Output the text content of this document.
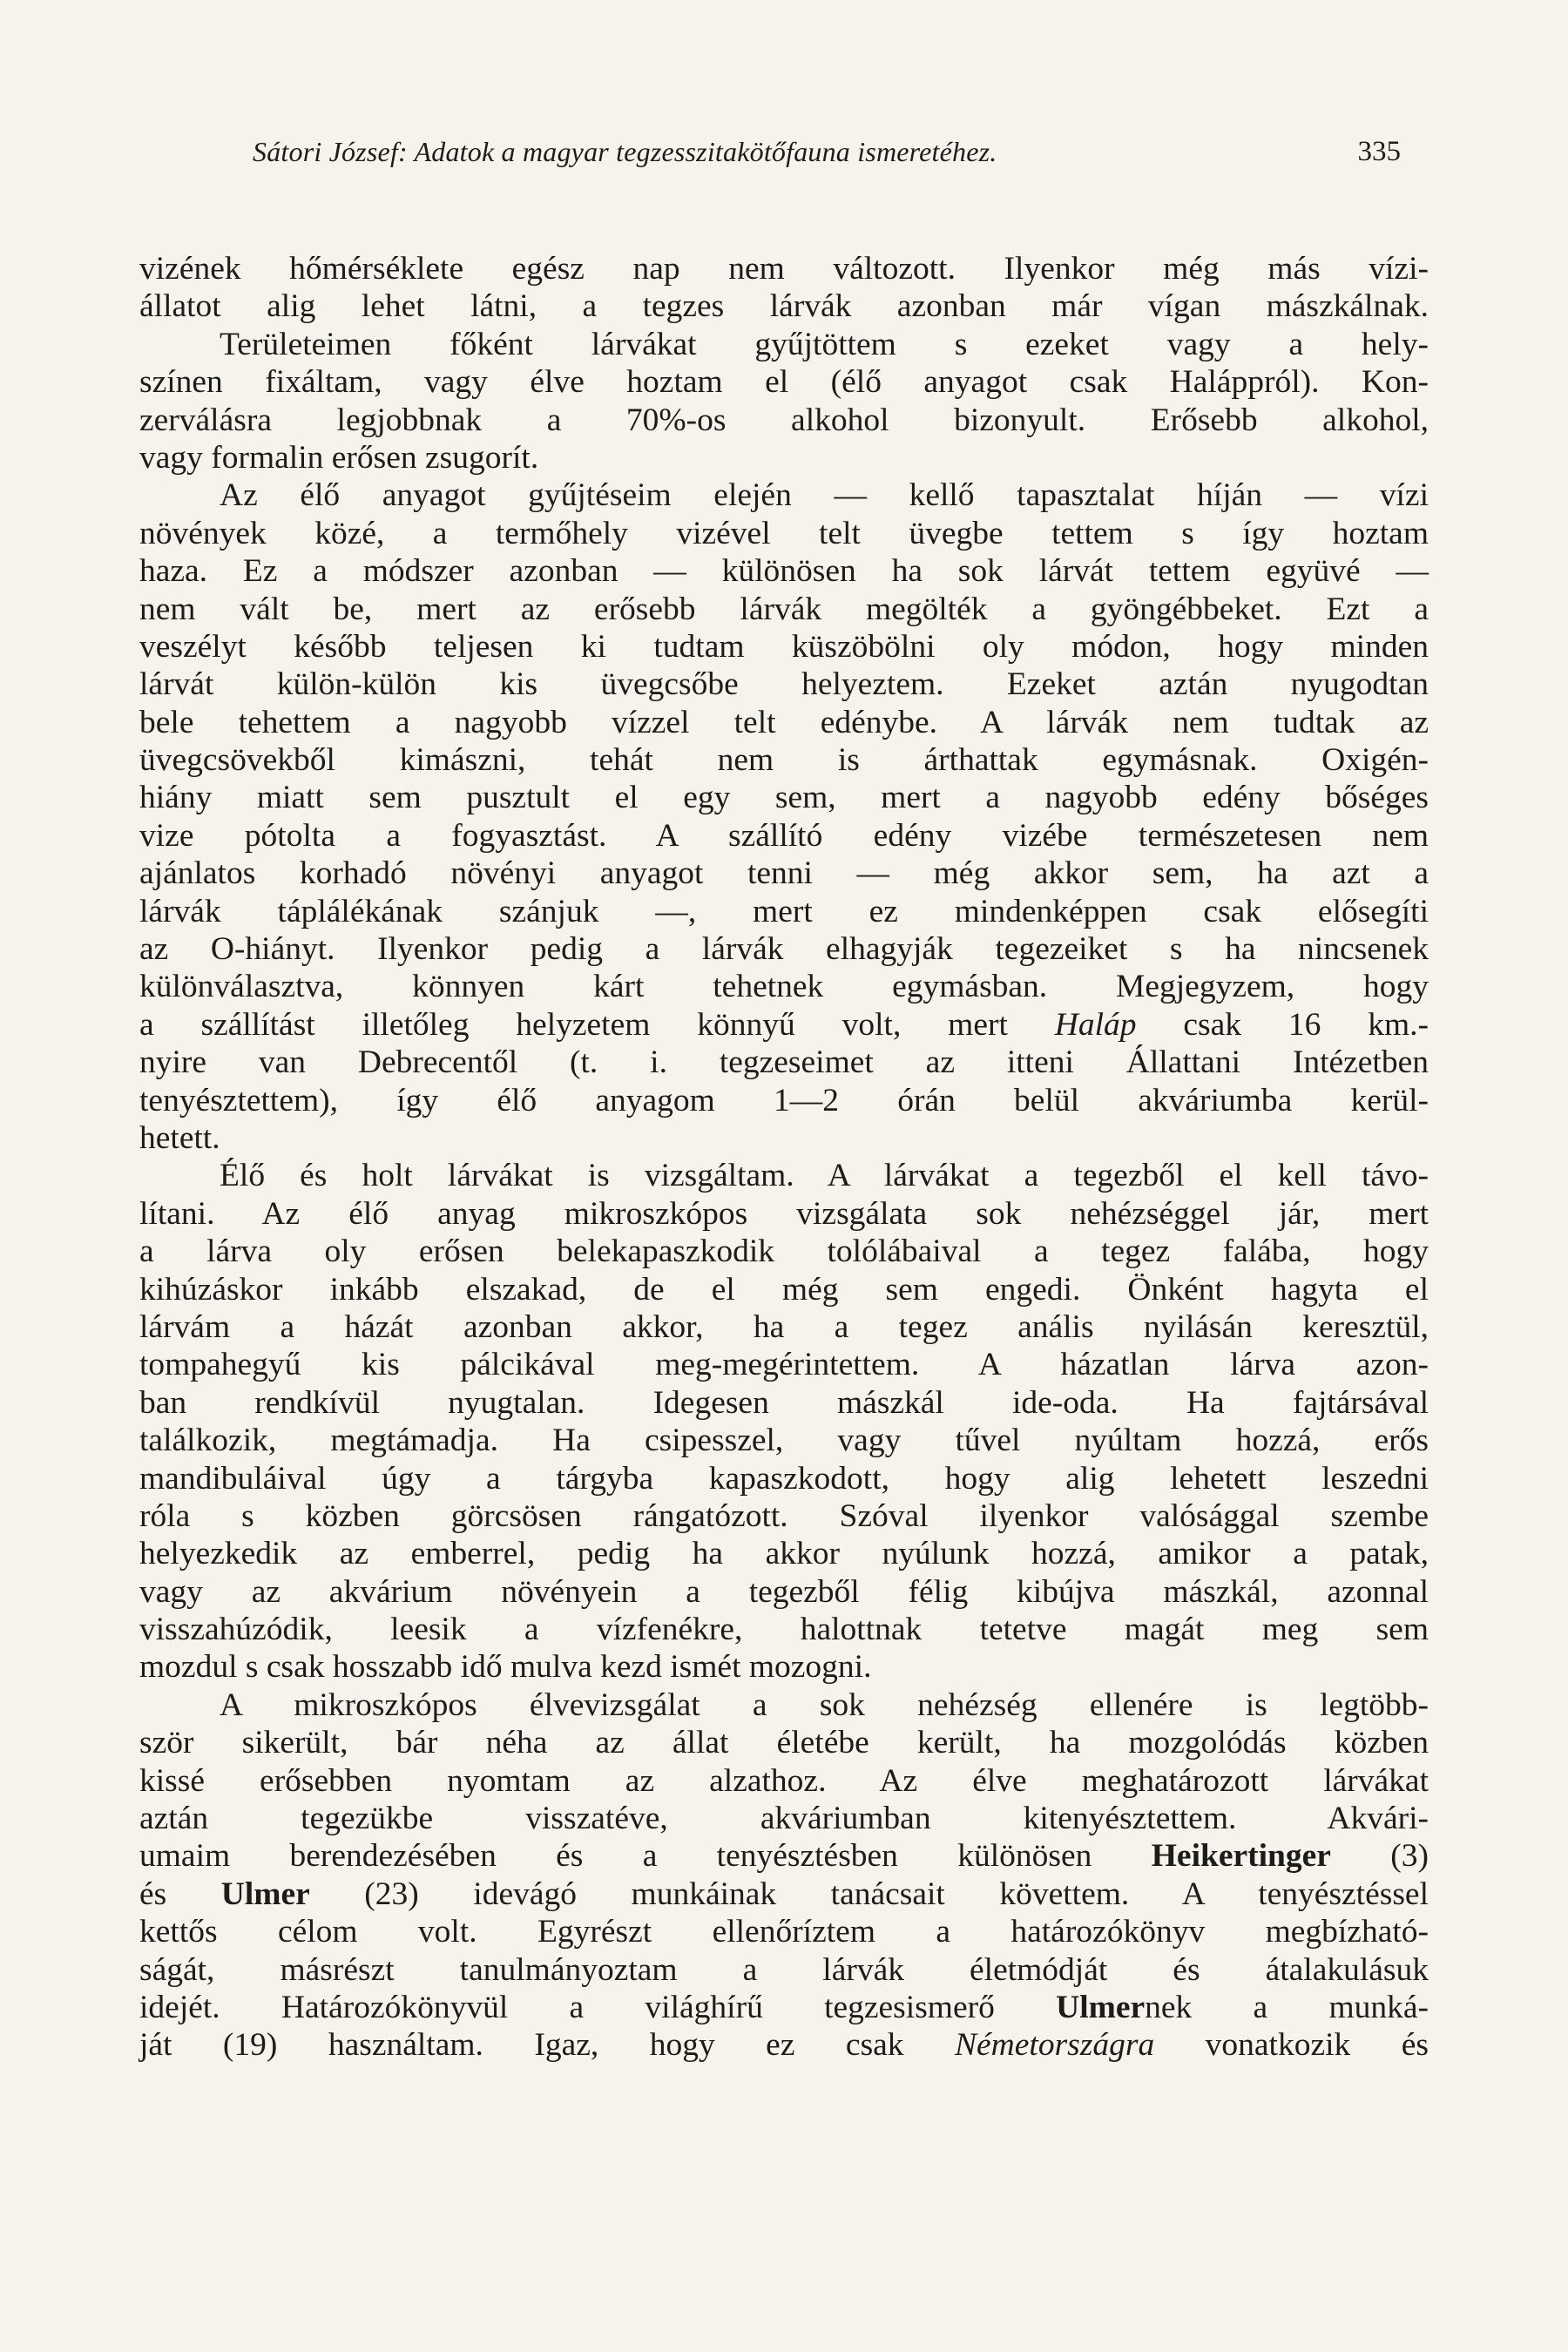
Sátori József: Adatok a magyar tegzesszitakötőfauna ismeretéhez.	335
vizének hőmérséklete egész nap nem változott. Ilyenkor még más vízi-
állatot alig lehet látni, a tegzes lárvák azonban már vígan mászkálnak.
Területeimen főként lárvákat gyűjtöttem s ezeket vagy a hely-
színen fixáltam, vagy élve hoztam el (élő anyagot csak Haláppról). Kon-
zerválásra legjobbnak a 70%-os alkohol bizonyult. Erősebb alkohol,
vagy formalin erősen zsugorít.
Az élő anyagot gyűjtéseim elején — kellő tapasztalat híján — vízi
növények közé, a termőhely vizével telt üvegbe tettem s így hoztam
haza. Ez a módszer azonban — különösen ha sok lárvát tettem együvé —
nem vált be, mert az erősebb lárvák megölték a gyöngébbeket. Ezt a
veszélyt később teljesen ki tudtam küszöbölni oly módon, hogy minden
lárvát külön-külön kis üvegcsőbe helyeztem. Ezeket aztán nyugodtan
bele tehettem a nagyobb vízzel telt edénybe. A lárvák nem tudtak az
üvegcsövekből kimászni, tehát nem is árthattak egymásnak. Oxigén-
hiány miatt sem pusztult el egy sem, mert a nagyobb edény bőséges
vize pótolta a fogyasztást. A szállító edény vizébe természetesen nem
ajánlatos korhadó növényi anyagot tenni — még akkor sem, ha azt a
lárvák táplálékának szánjuk —, mert ez mindenképpen csak elősegíti
az O-hiányt. Ilyenkor pedig a lárvák elhagyják tegezeiket s ha nincsenek
különválasztva, könnyen kárt tehetnek egymásban. Megjegyzem, hogy
a szállítást illetőleg helyzetem könnyű volt, mert Haláp csak 16 km.-
nyire van Debrecentől (t. i. tegzeseimet az itteni Állattani Intézetben
tenyésztettem), így élő anyagom 1—2 órán belül akváriumba kerül-
hetett.
Élő és holt lárvákat is vizsgáltam. A lárvákat a tegezből el kell távo-
lítani. Az élő anyag mikroszkópos vizsgálata sok nehézséggel jár, mert
a lárva oly erősen belekapaszkodik tolólábaival a tegez falába, hogy
kihúzáskor inkább elszakad, de el még sem engedi. Önként hagyta el
lárvám a házát azonban akkor, ha a tegez anális nyilásán keresztül,
tompahegyű kis pálcikával meg-megérintettem. A házatlan lárva azon-
ban rendkívül nyugtalan. Idegesen mászkál ide-oda. Ha fajtársával
találkozik, megtámadja. Ha csipesszel, vagy tűvel nyúltam hozzá, erős
mandibuláival úgy a tárgyba kapaszkodott, hogy alig lehetett leszedni
róla s közben görcsösen rángatózott. Szóval ilyenkor valósággal szembe
helyezkedik az emberrel, pedig ha akkor nyúlunk hozzá, amikor a patak,
vagy az akvárium növényein a tegezből félig kibújva mászkál, azonnal
visszahúzódik, leesik a vízfenékre, halottnak tetetve magát meg sem
mozdul s csak hosszabb idő mulva kezd ismét mozogni.
A mikroszkópos élvevizsgálat a sok nehézség ellenére is legtöbb-
ször sikerült, bár néha az állat életébe került, ha mozgolódás közben
kissé erősebben nyomtam az alzathoz. Az élve meghatározott lárvákat
aztán tegezükbe visszatéve, akváriumban kitenyésztettem. Akvári-
umaim berendezésében és a tenyésztésben különösen Heikertinger (3)
és Ulmer (23) idevágó munkáinak tanácsait követtem. A tenyésztéssel
kettős célom volt. Egyrészt ellenőríztem a határozókönyv megbízható-
ságát, másrészt tanulmányoztam a lárvák életmódját és átalakulásuk
idejét. Határozókönyvül a világhírű tegzesismerő Ulmernek a munká-
ját (19) használtam. Igaz, hogy ez csak Németországra vonatkozik és
